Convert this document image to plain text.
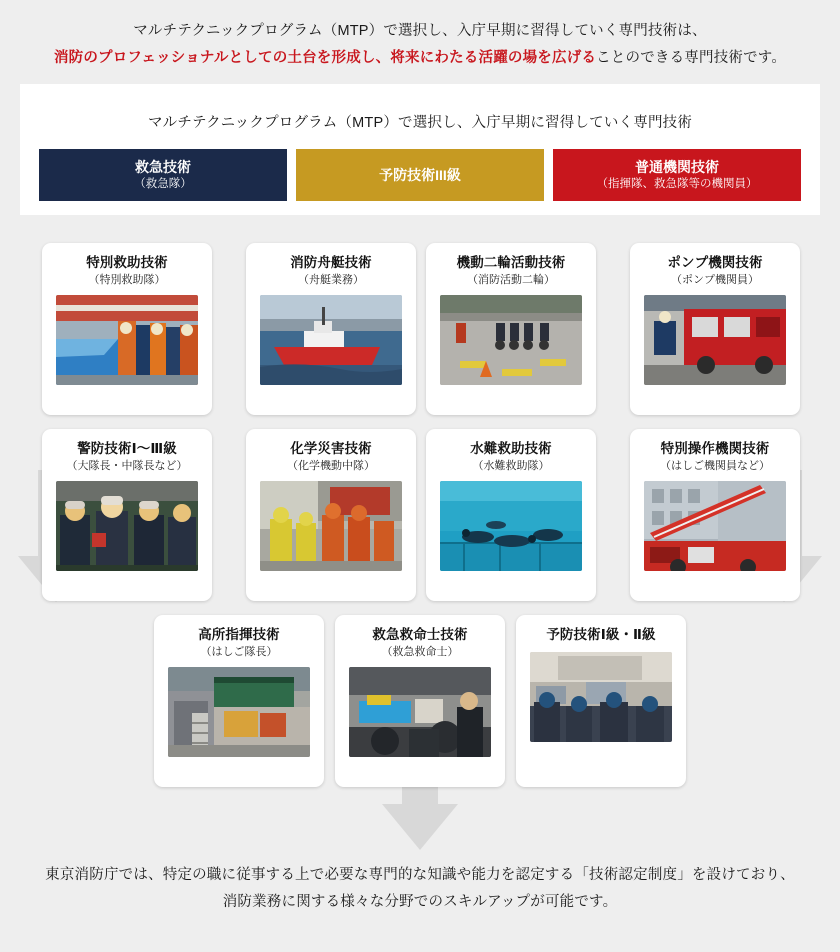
マルチテクニックプログラム（MTP）で選択し、入庁早期に習得していく専門技術は、
消防のプロフェッショナルとしての土台を形成し、将来にわたる活躍の場を広げることのできる専門技術です。
マルチテクニックプログラム（MTP）で選択し、入庁早期に習得していく専門技術
救急技術
（救急隊）
予防技術III級	普通機関技術
（指揮隊、救急隊等の機関員）
特別救助技術
（特別救助隊）
消防舟艇技術
（舟艇業務）
機動二輪活動技術
（消防活動二輪）
ポンプ機関技術
（ポンプ機関員）
警防技術Ⅰ～Ⅲ級
（大隊長・中隊長など）
化学災害技術
（化学機動中隊）
水難救助技術
（水難救助隊）
特別操作機関技術
（はしご機関員など）
高所指揮技術
（はしご隊長）
救急救命士技術
（救急救命士）
予防技術Ⅰ級・Ⅱ級
東京消防庁では、特定の職に従事する上で必要な専門的な知識や能力を認定する「技術認定制度」を設けており、
消防業務に関する様々な分野でのスキルアップが可能です。
